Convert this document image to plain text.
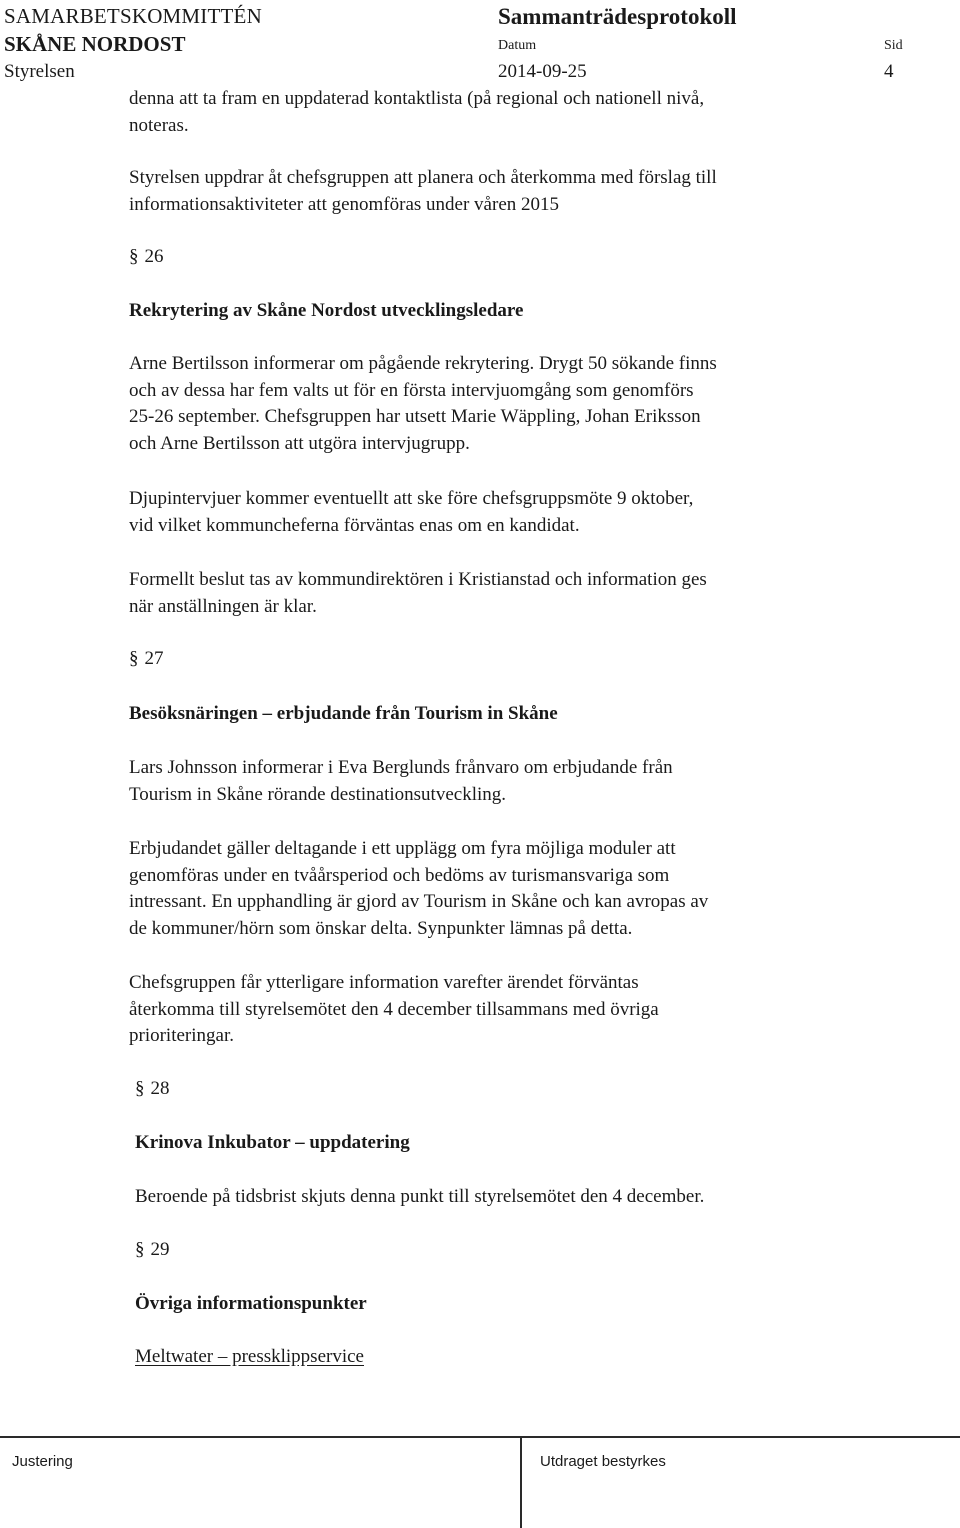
SAMARBETSKOMMITTÉN
SKÅNE NORDOST
Styrelsen
Sammanträdesprotokoll
Datum
2014-09-25
Sid
4
denna att ta fram en uppdaterad kontaktlista (på regional och nationell nivå,
noteras.
Styrelsen uppdrar åt chefsgruppen att planera och återkomma med förslag till
informationsaktiviteter att genomföras under våren 2015
§ 26
Rekrytering av Skåne Nordost utvecklingsledare
Arne Bertilsson informerar om pågående rekrytering. Drygt 50 sökande finns
och av dessa har fem valts ut för en första intervjuomgång som genomförs
25-26 september. Chefsgruppen har utsett Marie Wäppling, Johan Eriksson
och Arne Bertilsson att utgöra intervjugrupp.
Djupintervjuer kommer eventuellt att ske före chefsgruppsmöte 9 oktober,
vid vilket kommuncheferna förväntas enas om en kandidat.
Formellt beslut tas av kommundirektören i Kristianstad och information ges
när anställningen är klar.
§ 27
Besöksnäringen – erbjudande från Tourism in Skåne
Lars Johnsson informerar i Eva Berglunds frånvaro om erbjudande från
Tourism in Skåne rörande destinationsutveckling.
Erbjudandet gäller deltagande i ett upplägg om fyra möjliga moduler att
genomföras under en tvåårsperiod och bedöms av turismansvariga som
intressant. En upphandling är gjord av Tourism in Skåne och kan avropas av
de kommuner/hörn som önskar delta. Synpunkter lämnas på detta.
Chefsgruppen får ytterligare information varefter ärendet förväntas
återkomma till styrelsemötet den 4 december tillsammans med övriga
prioriteringar.
§ 28
Krinova Inkubator – uppdatering
Beroende på tidsbrist skjuts denna punkt till styrelsemötet den 4 december.
§ 29
Övriga informationspunkter
Meltwater – pressklippservice
Justering	Utdraget bestyrkes
